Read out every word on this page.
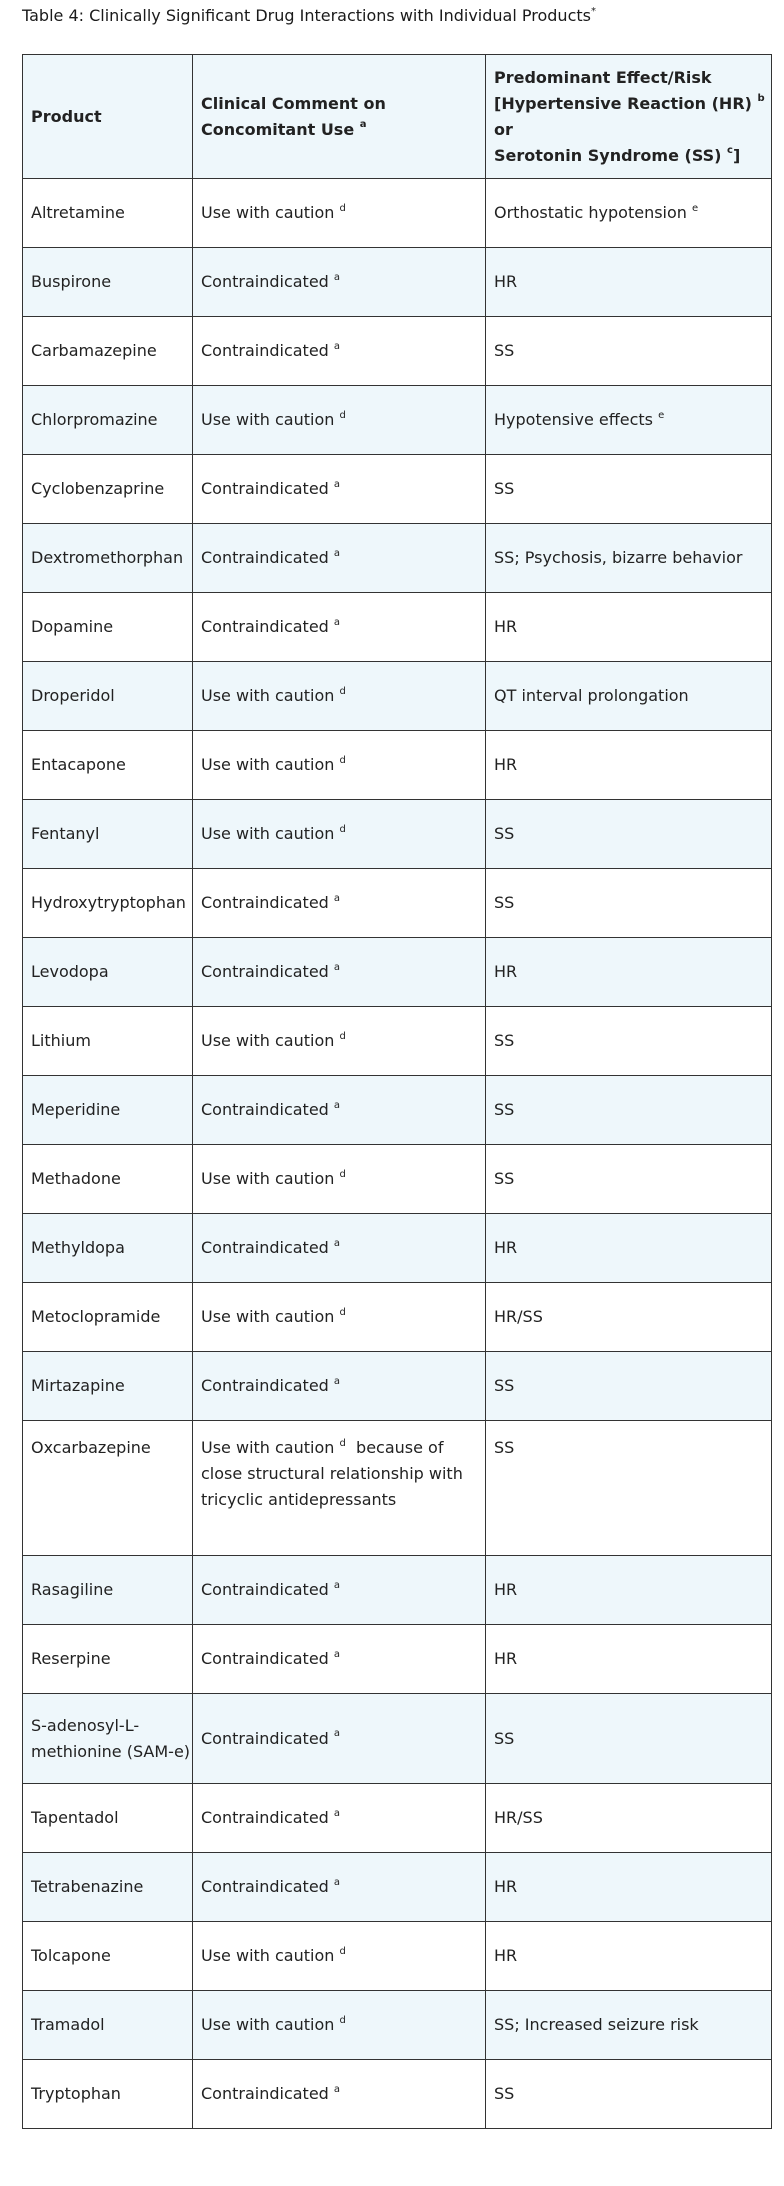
Table 4: Clinically Significant Drug Interactions with Individual Products*
Product	Clinical Comment on Concomitant Use $^a$	Predominant Effect/Risk
[Hypertensive Reaction (HR) $^b$ or
Serotonin Syndrome (SS) $^c$]
Altretamine	Use with caution $^d$	Orthostatic hypotension $^e$
Buspirone	Contraindicated $^a$	HR
Carbamazepine	Contraindicated $^a$	SS
Chlorpromazine	Use with caution $^d$	Hypotensive effects $^e$
Cyclobenzaprine	Contraindicated $^a$	SS
Dextromethorphan	Contraindicated $^a$	SS; Psychosis, bizarre behavior
Dopamine	Contraindicated $^a$	HR
Droperidol	Use with caution $^d$	QT interval prolongation
Entacapone	Use with caution $^d$	HR
Fentanyl	Use with caution $^d$	SS
Hydroxytryptophan	Contraindicated $^a$	SS
Levodopa	Contraindicated $^a$	HR
Lithium	Use with caution $^d$	SS
Meperidine	Contraindicated $^a$	SS
Methadone	Use with caution $^d$	SS
Methyldopa	Contraindicated $^a$	HR
Metoclopramide	Use with caution $^d$	HR/SS
Mirtazapine	Contraindicated $^a$	SS
Oxcarbazepine	Use with caution $^d$ because of close structural relationship with tricyclic antidepressants	SS
Rasagiline	Contraindicated $^a$	HR
Reserpine	Contraindicated $^a$	HR
S-adenosyl-L-methionine (SAM-e)	Contraindicated $^a$	SS
Tapentadol	Contraindicated $^a$	HR/SS
Tetrabenazine	Contraindicated $^a$	HR
Tolcapone	Use with caution $^d$	HR
Tramadol	Use with caution $^d$	SS; Increased seizure risk
Tryptophan	Contraindicated $^a$	SS
